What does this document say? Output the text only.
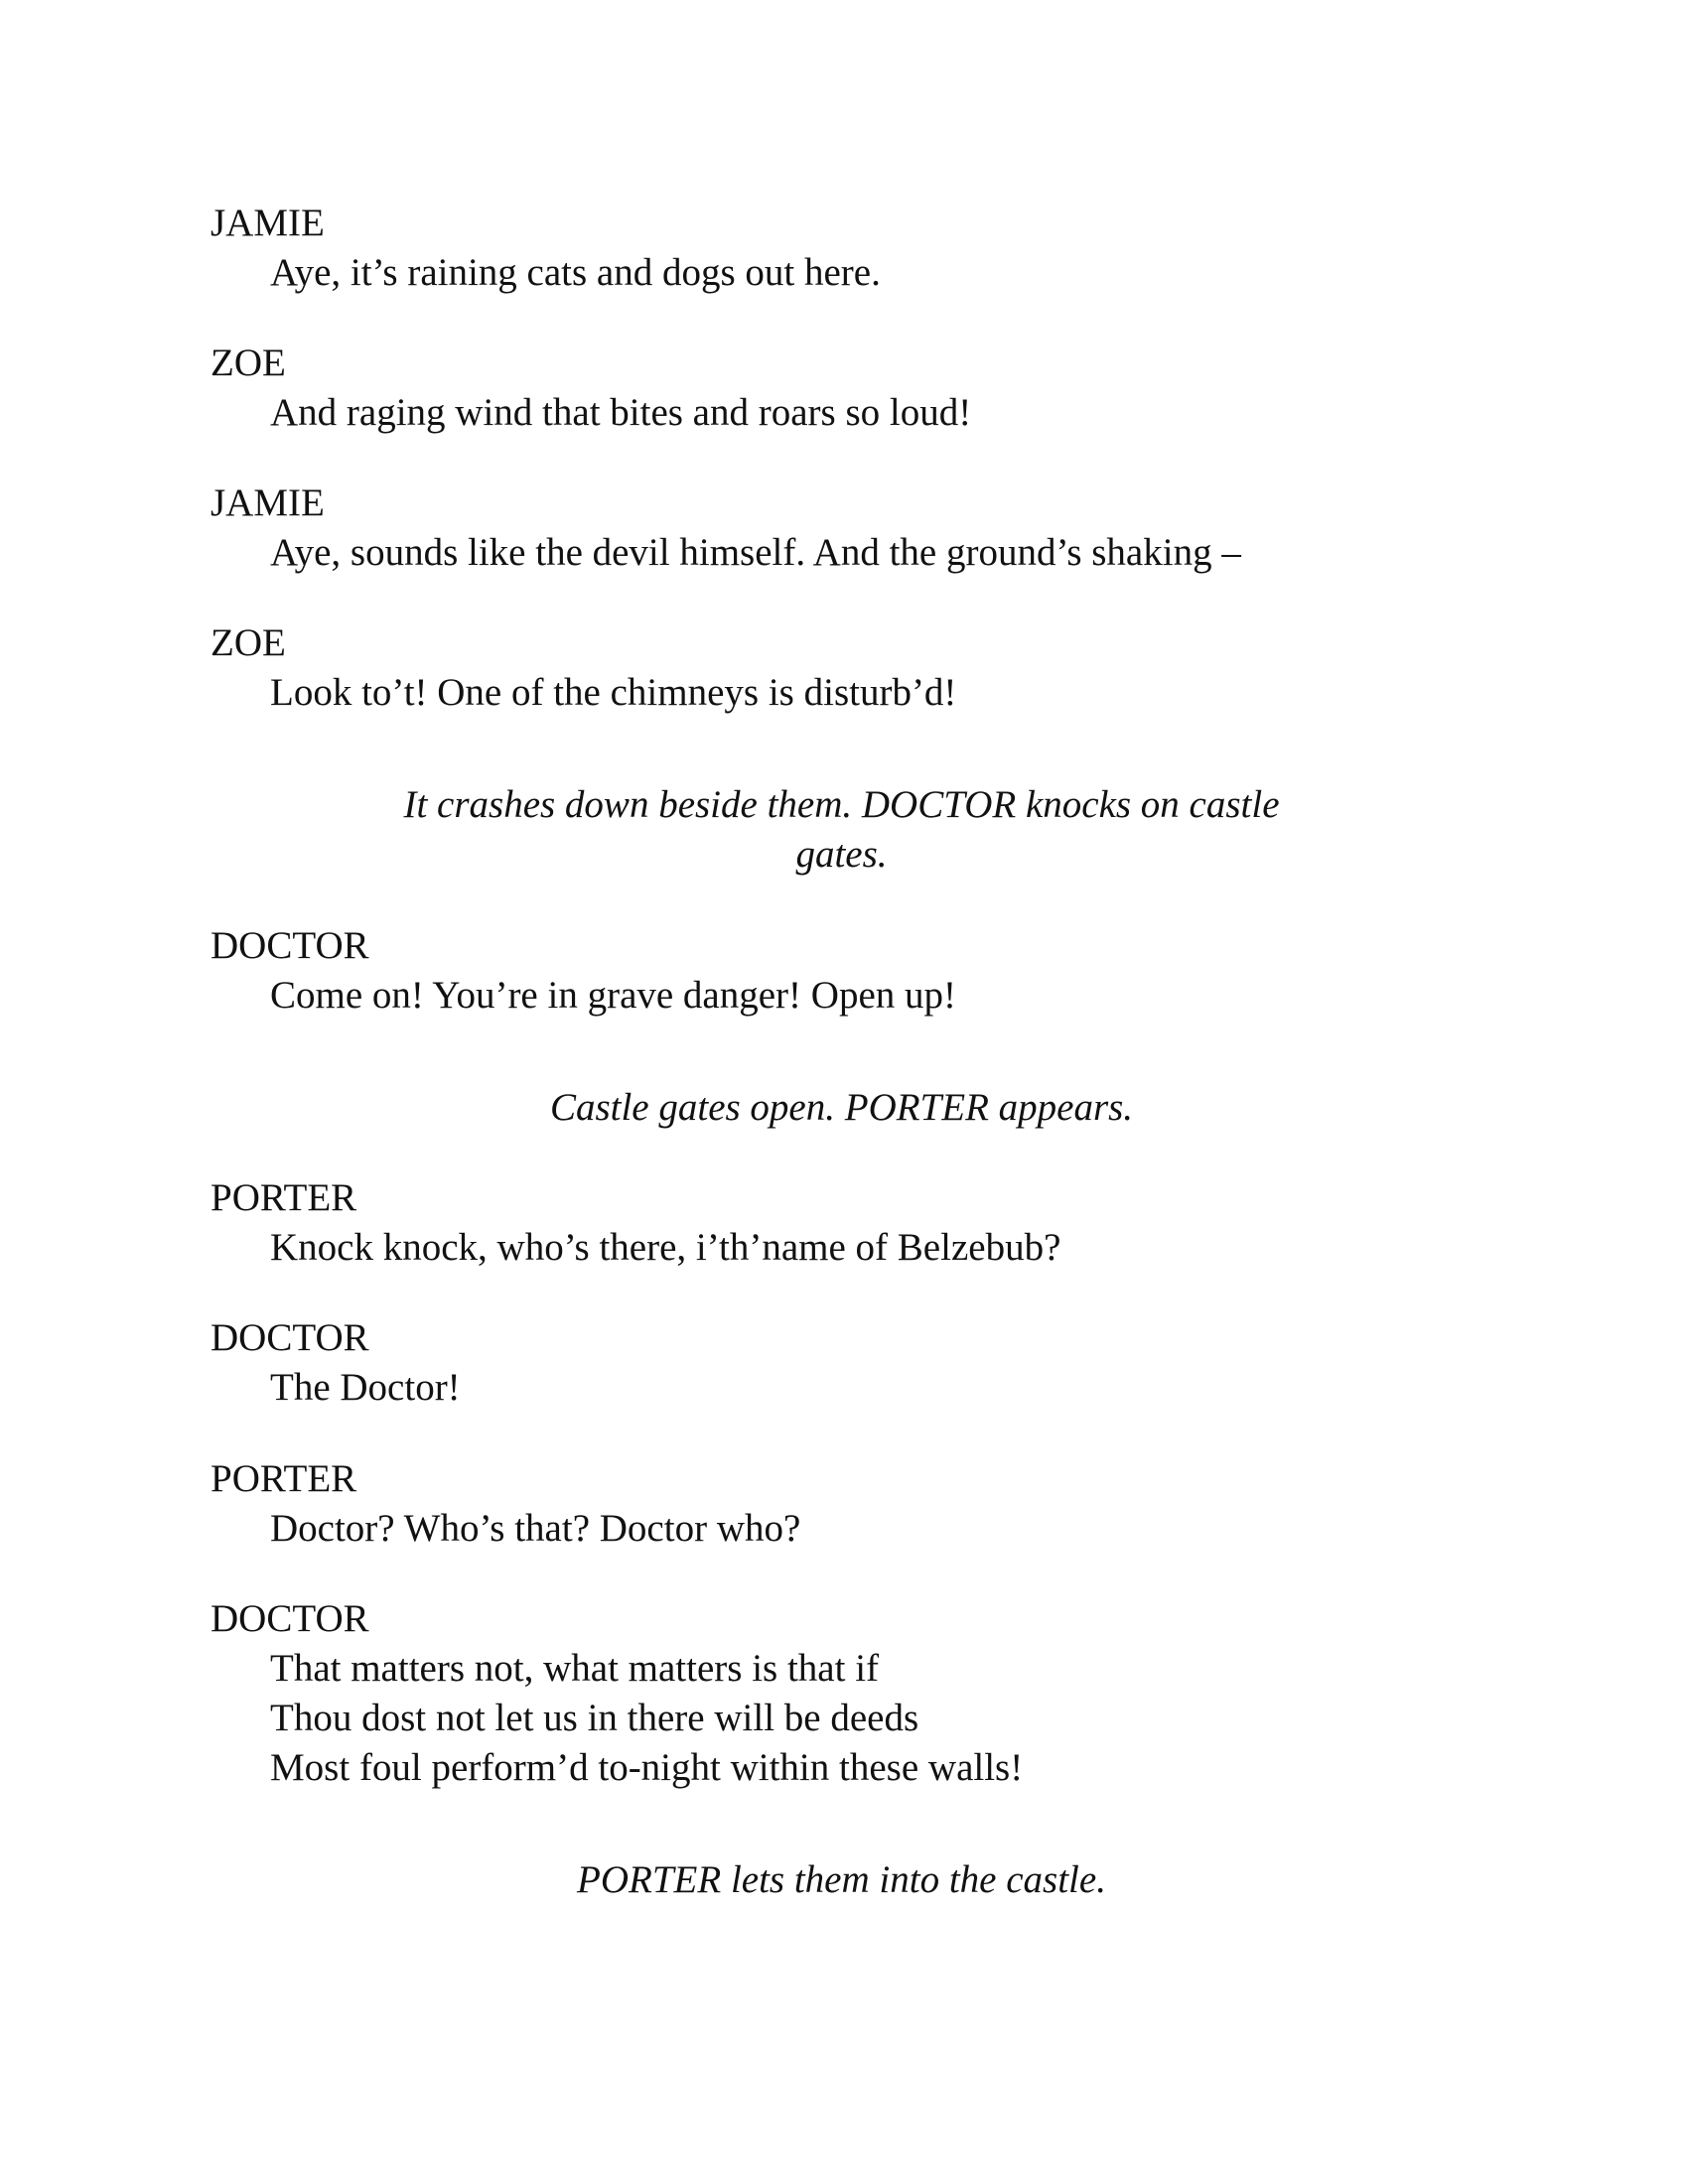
JAMIE
Aye, it’s raining cats and dogs out here.
ZOE
And raging wind that bites and roars so loud!
JAMIE
Aye, sounds like the devil himself. And the ground’s shaking –
ZOE
Look to’t! One of the chimneys is disturb’d!
It crashes down beside them. DOCTOR knocks on castle gates.
DOCTOR
Come on! You’re in grave danger! Open up!
Castle gates open. PORTER appears.
PORTER
Knock knock, who’s there, i’th’name of Belzebub?
DOCTOR
The Doctor!
PORTER
Doctor? Who’s that? Doctor who?
DOCTOR
That matters not, what matters is that if
Thou dost not let us in there will be deeds
Most foul perform’d to-night within these walls!
PORTER lets them into the castle.
